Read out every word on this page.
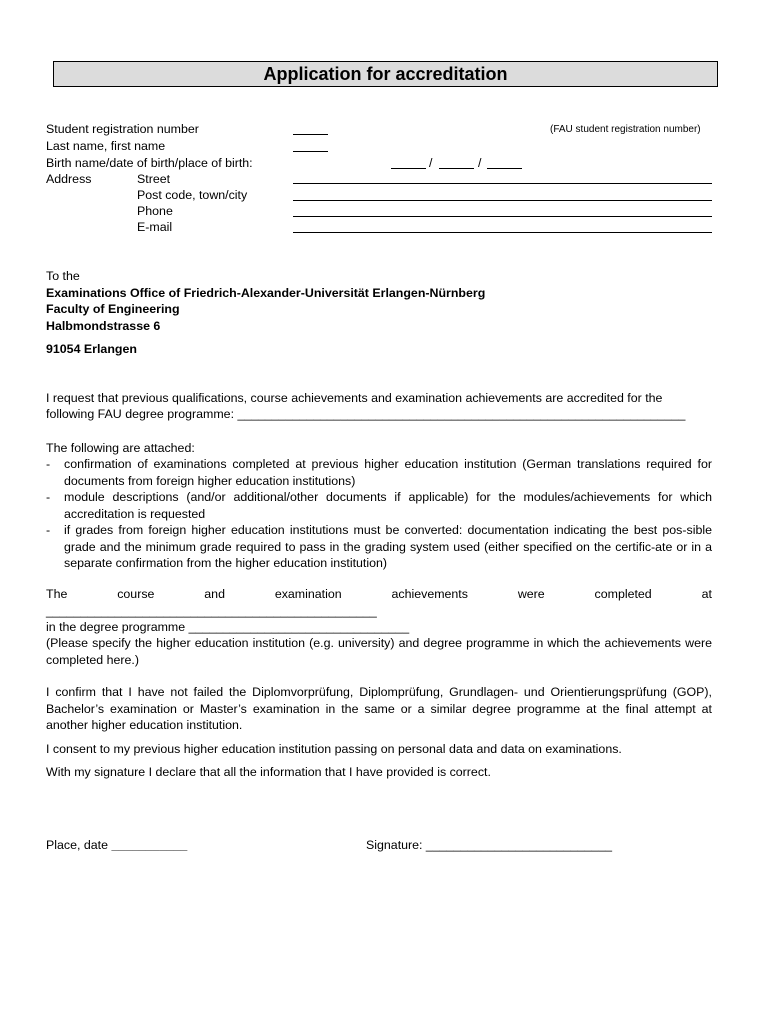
Application for accreditation
Student registration number	(FAU student registration number)
Last name, first name
Birth name/date of birth/place of birth:	/	/
Address	Street
Post code, town/city
Phone
E-mail
To the
Examinations Office of Friedrich-Alexander-Universität Erlangen-Nürnberg
Faculty of Engineering
Halbmondstrasse 6
91054 Erlangen
I request that previous qualifications, course achievements and examination achievements are accredited for the
following FAU degree programme: _________________________________________________________________
The following are attached:
- confirmation of examinations completed at previous higher education institution (German translations required for documents from foreign higher education institutions)
- module descriptions (and/or additional/other documents if applicable) for the modules/achievements for which accreditation is requested
- if grades from foreign higher education institutions must be converted: documentation indicating the best pos-sible grade and the minimum grade required to pass in the grading system used (either specified on the certific-ate or in a separate confirmation from the higher education institution)
The	course	and	examination	achievements	were	completed	at
________________________________________________
in the degree programme ________________________________
(Please specify the higher education institution (e.g. university) and degree programme in which the achievements were completed here.)
I confirm that I have not failed the Diplomvorprüfung, Diplomprüfung, Grundlagen- und Orientierungsprüfung (GOP), Bachelor’s examination or Master’s examination in the same or a similar degree programme at the final attempt at another higher education institution.
I consent to my previous higher education institution passing on personal data and data on examinations.
With my signature I declare that all the information that I have provided is correct.
Place, date ___________	Signature: ___________________________
